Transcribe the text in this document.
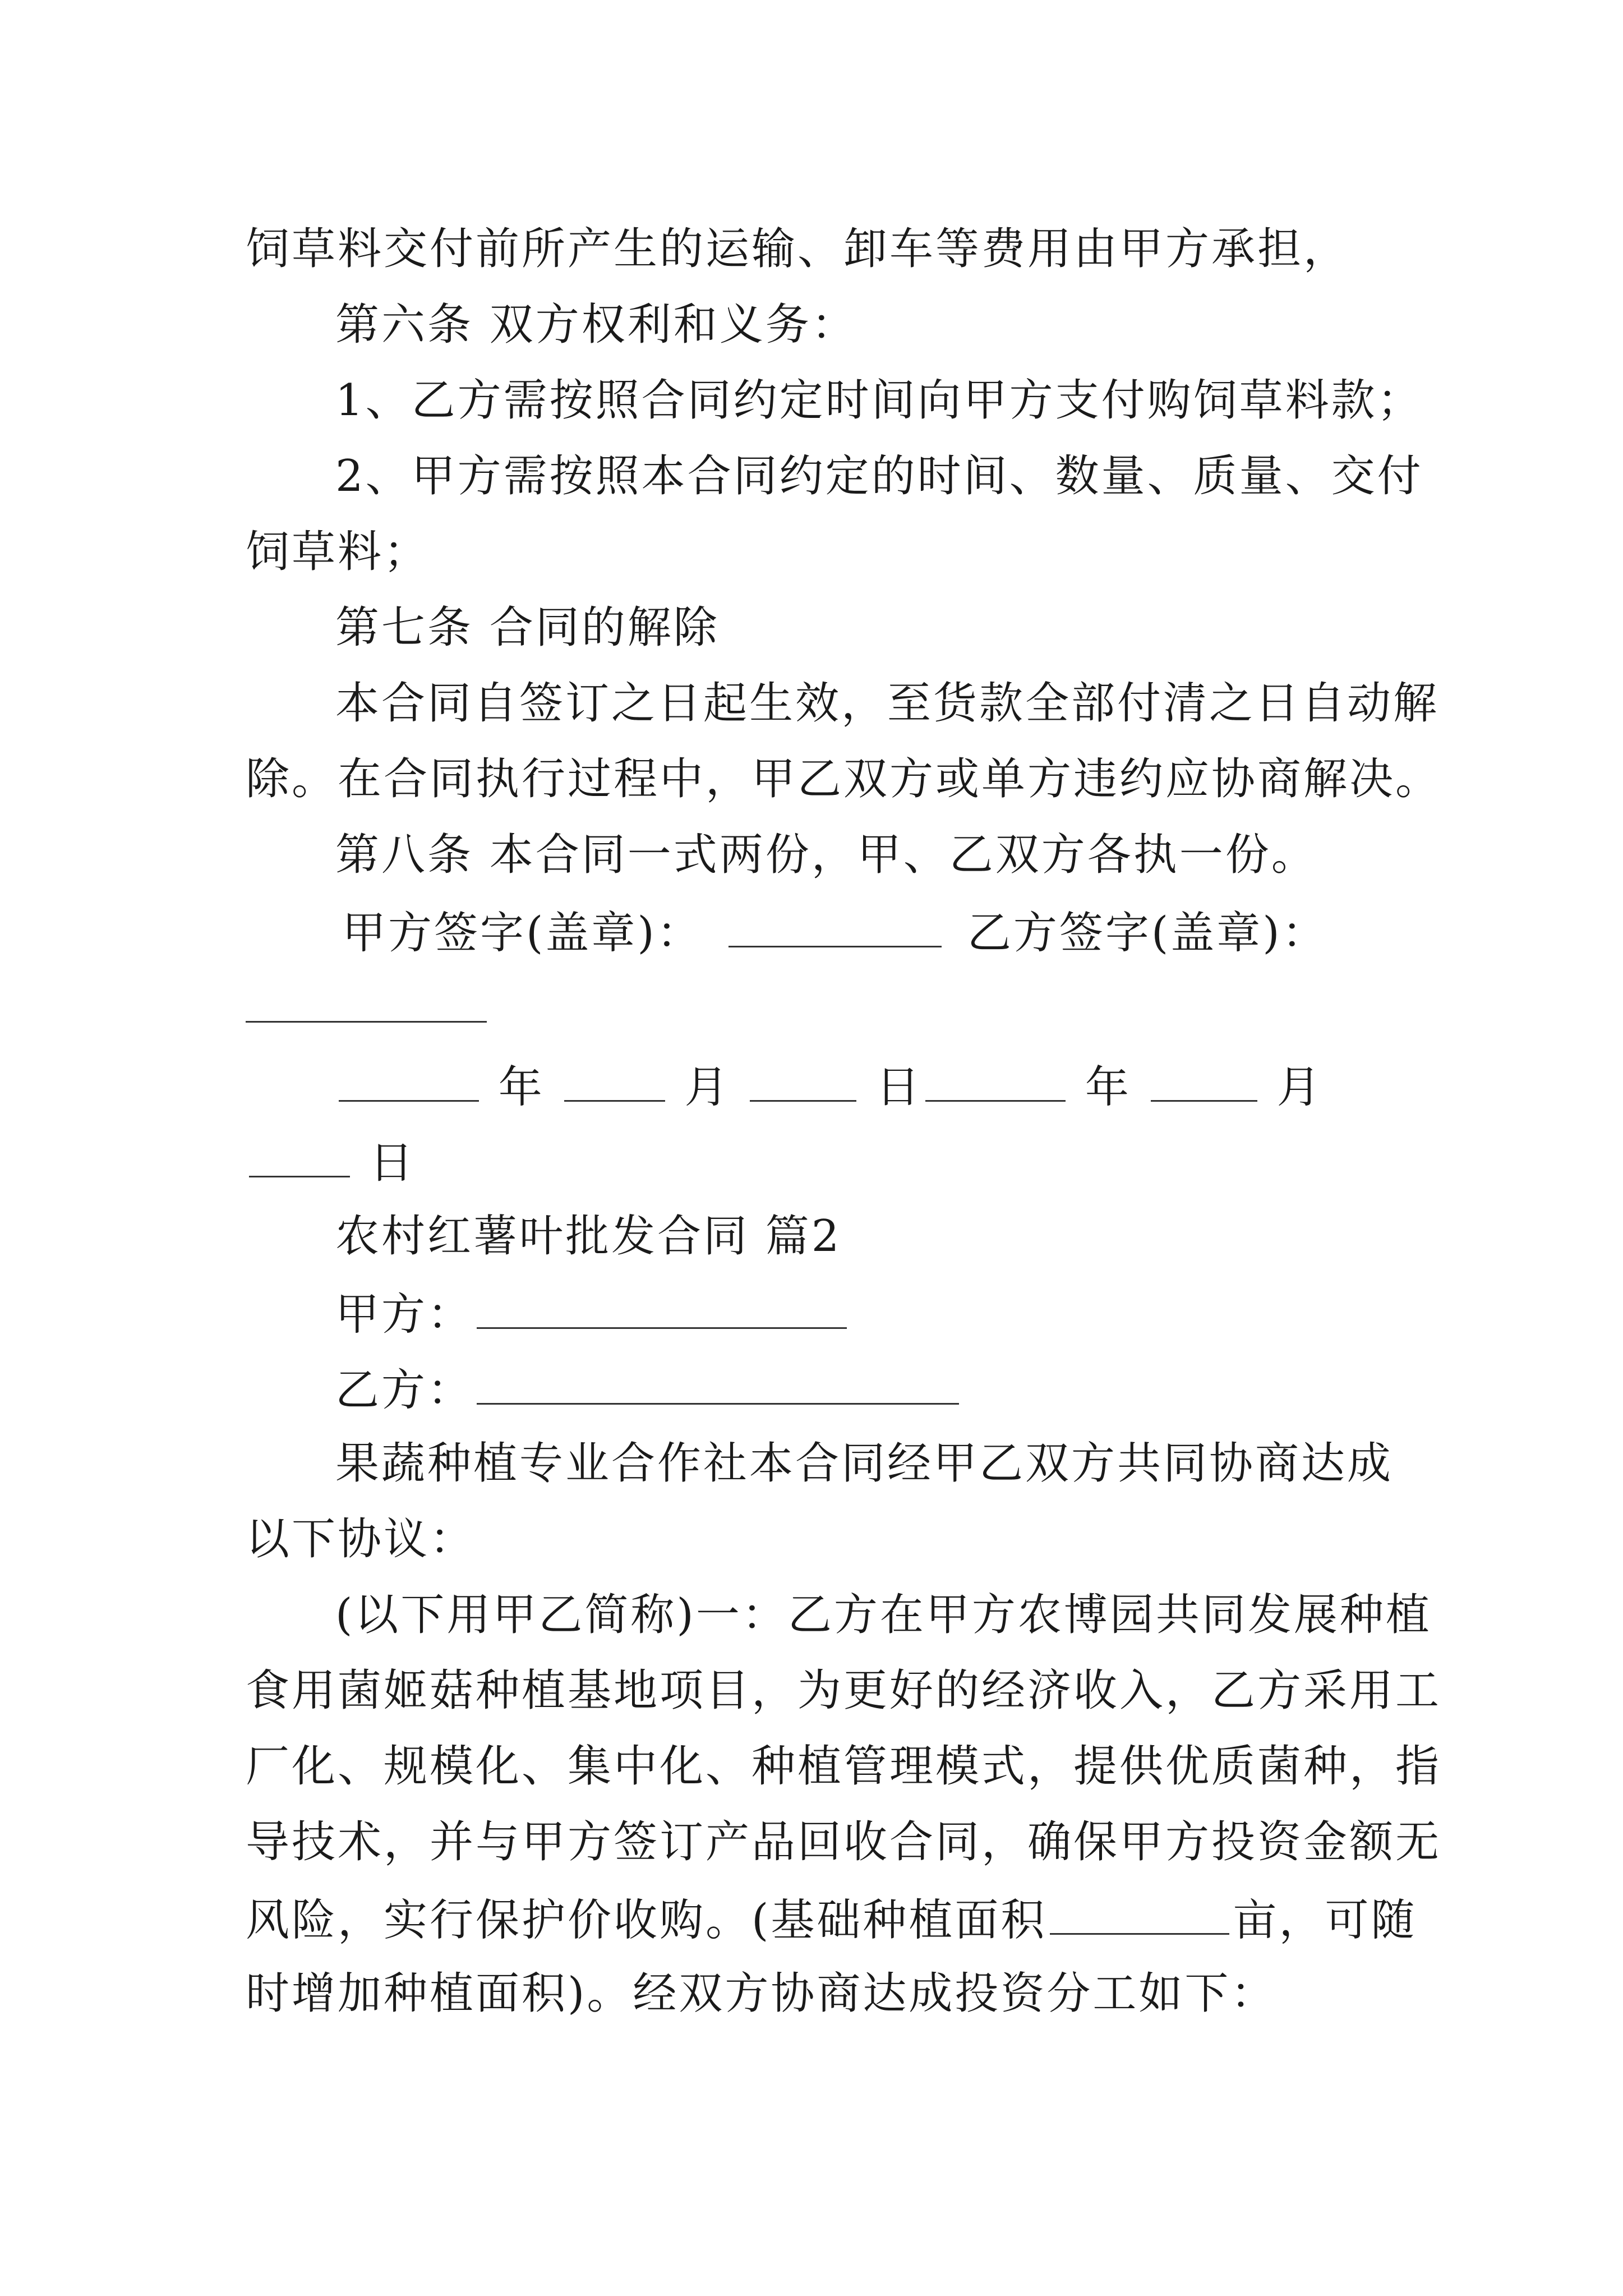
饲草料交付前所产生的运输、卸车等费用由甲方承担，
第六条 双方权利和义务：
1、乙方需按照合同约定时间向甲方支付购饲草料款；
2、甲方需按照本合同约定的时间、数量、质量、交付
饲草料；
第七条 合同的解除
本合同自签订之日起生效，至货款全部付清之日自动解
除。在合同执行过程中，甲乙双方或单方违约应协商解决。
第八条 本合同一式两份，甲、乙双方各执一份。
甲方签字(盖章)：	乙方签字(盖章)：
年	月	日	年	月
日
农村红薯叶批发合同 篇2
甲方：
乙方：
果蔬种植专业合作社本合同经甲乙双方共同协商达成
以下协议：
(以下用甲乙简称)一：乙方在甲方农博园共同发展种植
食用菌姬菇种植基地项目，为更好的经济收入，乙方采用工
厂化、规模化、集中化、种植管理模式，提供优质菌种，指
导技术，并与甲方签订产品回收合同，确保甲方投资金额无
风险，实行保护价收购。(基础种植面积	亩，可随
时增加种植面积)。经双方协商达成投资分工如下：
